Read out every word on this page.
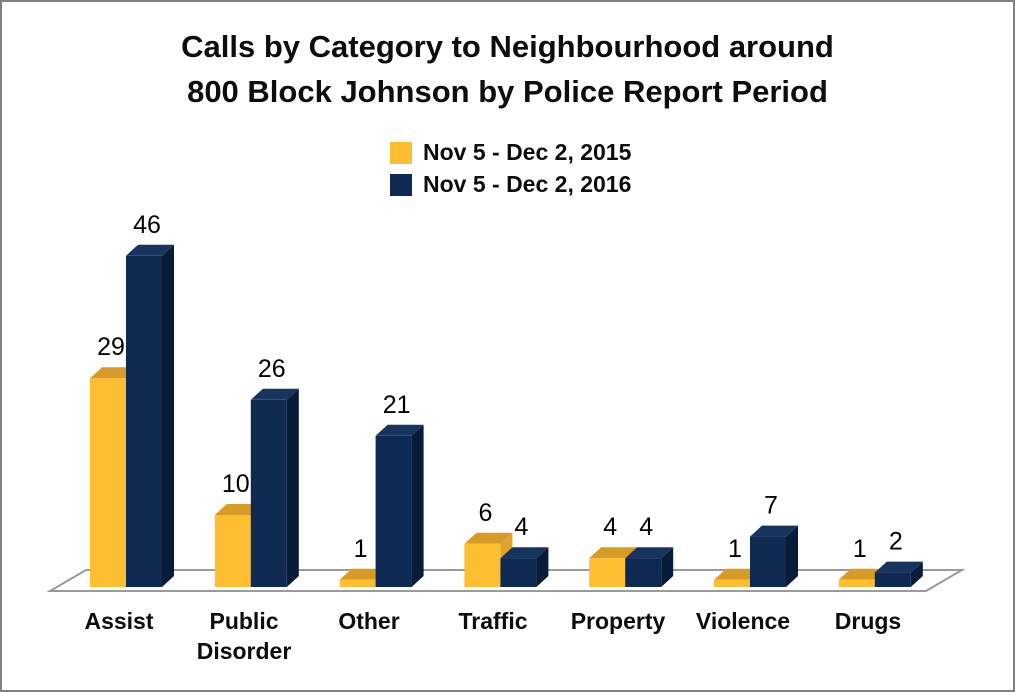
Calls by Category to Neighbourhood around
800 Block Johnson by Police Report Period
Nov 5 - Dec 2, 2015
Nov 5 - Dec 2, 2016
29
46
10
26
1
21
6
4	4 4
1
7
1 2
Assist	Public Disorder
Other	Traffic	Property	Violence	Drugs
